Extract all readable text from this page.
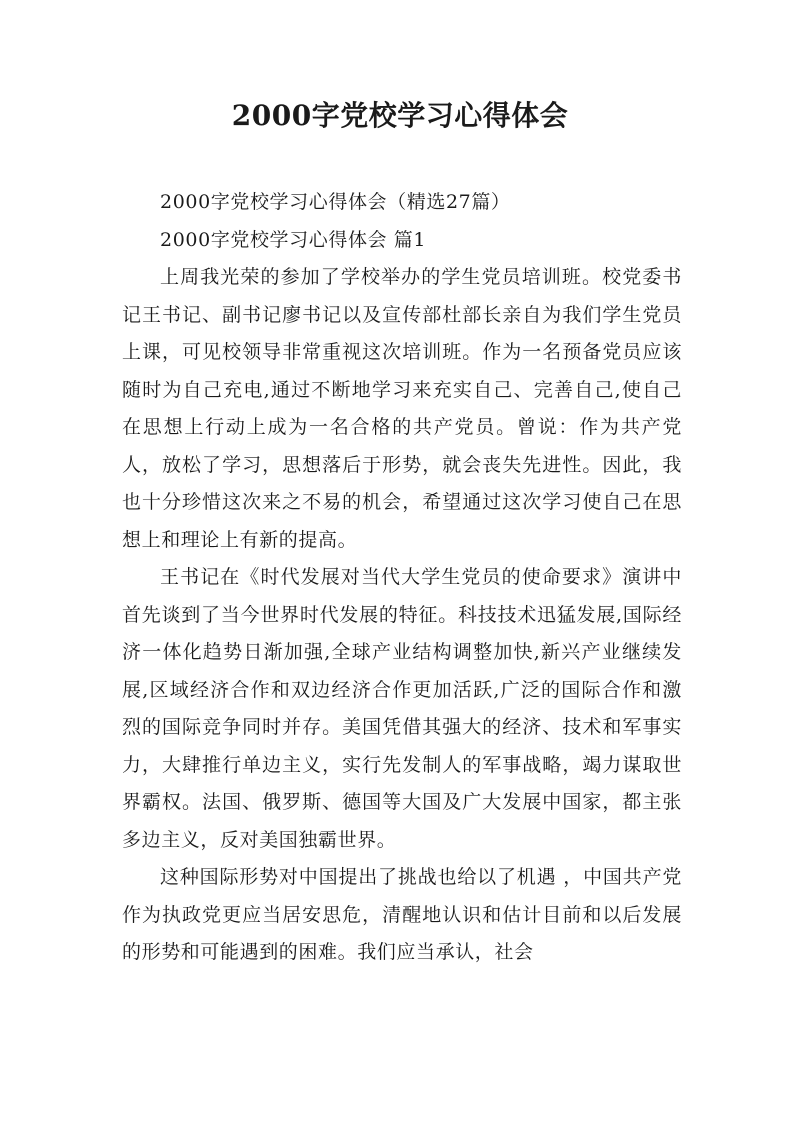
2000字党校学习心得体会

2000字党校学习心得体会（精选27篇）

2000字党校学习心得体会 篇1

上周我光荣的参加了学校举办的学生党员培训班。校党委书记王书记、副书记廖书记以及宣传部杜部长亲自为我们学生党员上课，可见校领导非常重视这次培训班。作为一名预备党员应该随时为自己充电,通过不断地学习来充实自己、完善自己,使自己在思想上行动上成为一名合格的共产党员。曾说：作为共产党人，放松了学习，思想落后于形势，就会丧失先进性。因此，我也十分珍惜这次来之不易的机会，希望通过这次学习使自己在思想上和理论上有新的提高。

王书记在《时代发展对当代大学生党员的使命要求》演讲中首先谈到了当今世界时代发展的特征。科技技术迅猛发展,国际经济一体化趋势日渐加强,全球产业结构调整加快,新兴产业继续发展,区域经济合作和双边经济合作更加活跃,广泛的国际合作和激烈的国际竞争同时并存。美国凭借其强大的经济、技术和军事实力，大肆推行单边主义，实行先发制人的军事战略，竭力谋取世界霸权。法国、俄罗斯、德国等大国及广大发展中国家，都主张多边主义，反对美国独霸世界。

这种国际形势对中国提出了挑战也给以了机遇 ，中国共产党作为执政党更应当居安思危，清醒地认识和估计目前和以后发展的形势和可能遇到的困难。我们应当承认，社会
